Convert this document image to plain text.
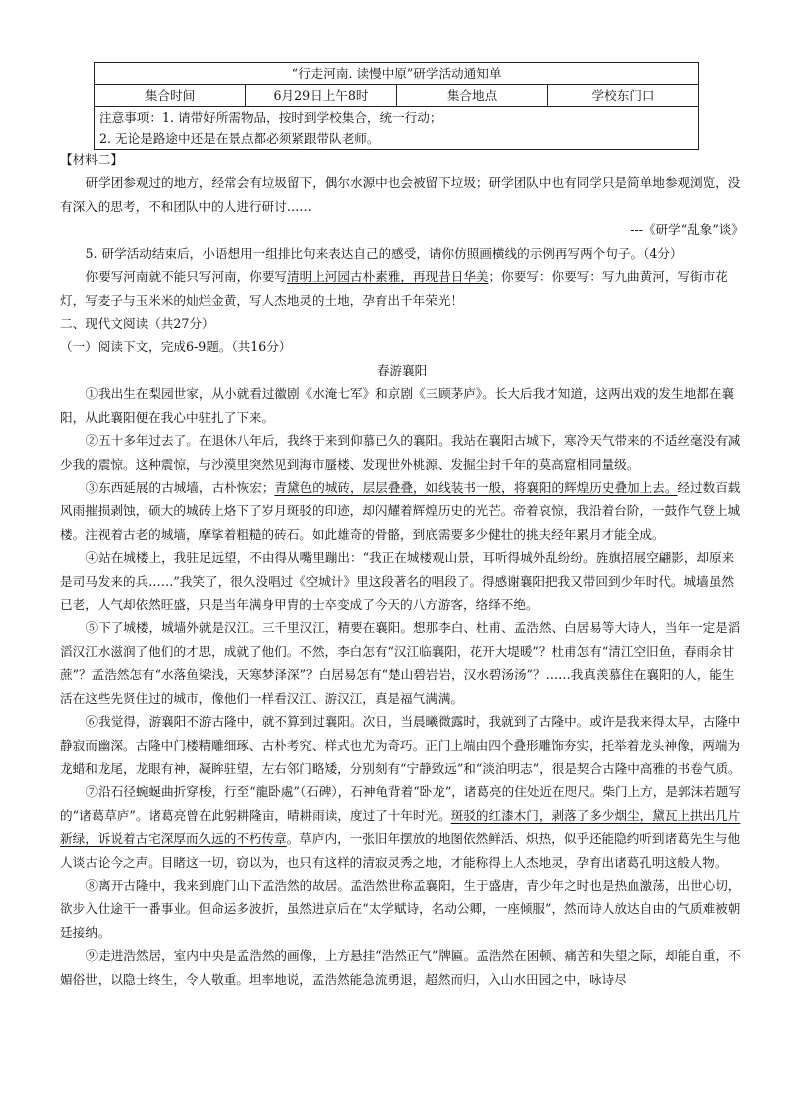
“行走河南. 读慢中原”研学活动通知单
集合时间	6月29日上午8时	集合地点	学校东门口

注意事项：1. 请带好所需物品，按时到学校集合，统一行动；
2. 无论是路途中还是在景点都必须紧跟带队老师。

【材料二】

研学团参观过的地方，经常会有垃圾留下，偶尔水源中也会被留下垃圾；研学团队中也有同学只是简单地参观浏览，没有深入的思考，不和团队中的人进行研讨……

---《研学“乱象”谈》

5. 研学活动结束后，小语想用一组排比句来表达自己的感受，请你仿照画横线的示例再写两个句子。（4分）

你要写河南就不能只写河南，你要写清明上河园古朴素雅，再现昔日华美；你要写：你要写：写九曲黄河，写街市花灯，写麦子与玉米米的灿烂金黄，写人杰地灵的土地，孕育出千年荣光！

二、现代文阅读（共27分）

（一）阅读下文，完成6-9题。（共16分）

春游襄阳

①我出生在梨园世家，从小就看过徽剧《水淹七军》和京剧《三顾茅庐》。长大后我才知道，这两出戏的发生地都在襄阳，从此襄阳便在我心中驻扎了下来。

②五十多年过去了。在退休八年后，我终于来到仰慕已久的襄阳。我站在襄阳古城下，寒冷天气带来的不适丝毫没有减少我的震惊。这种震惊，与沙漠里突然见到海市蜃楼、发现世外桃源、发掘尘封千年的莫高窟相同量级。

③东西延展的古城墙，古朴恢宏；青黛色的城砖，层层叠叠，如线装书一般，将襄阳的辉煌历史叠加上去。经过数百载风雨摧损剥蚀，硕大的城砖上烙下了岁月斑驳的印迹，却闪耀着辉煌历史的光芒。帝着哀惊，我沿着台阶，一鼓作气登上城楼。注视着古老的城墙，摩挲着粗糙的砖石。如此雄奇的骨骼，到底需要多少健壮的挑夫经年累月才能全成。

④站在城楼上，我驻足远望，不由得从嘴里蹦出：“我正在城楼观山景，耳听得城外乱纷纷。旌旗招展空翩影，却原来是司马发来的兵……”我笑了，很久没唱过《空城计》里这段著名的唱段了。得感谢襄阳把我又带回到少年时代。城墙虽然已老，人气却依然旺盛，只是当年满身甲胄的士卒变成了今天的八方游客，络绎不绝。

⑤下了城楼，城墙外就是汉江。三千里汉江，精要在襄阳。想那李白、杜甫、孟浩然、白居易等大诗人，当年一定是滔滔汉江水滋润了他们的才思，成就了他们。不然，李白怎有“汉江临襄阳，花开大堤暖”？杜甫怎有“清江空旧鱼，春雨余甘蔗”？孟浩然怎有“水落鱼梁浅，天寒梦泽深”？白居易怎有“楚山碧岩岩，汉水碧汤汤”？……我真羡慕住在襄阳的人，能生活在这些先贤住过的城市，像他们一样看汉江、游汉江，真是福气满满。

⑥我觉得，游襄阳不游古隆中，就不算到过襄阳。次日，当晨曦微露时，我就到了古隆中。或许是我来得太早，古隆中静寂而幽深。古隆中门楼精雕细琢、古朴考究、样式也尤为奇巧。正门上端由四个叠形雕饰夯实，托举着龙头神像，两端为龙蜡和龙尾，龙眼有神，凝眸驻望，左右邻门略矮，分别刻有“宁静致远”和“淡泊明志”，很是契合古隆中高雅的书卷气质。

⑦沿石径蜿蜒曲折穿梭，行至“龍卧處”（石碑），石神龟背着“卧龙”，诸葛亮的住处近在咫尺。柴门上方，是郭沫若题写的“诸葛草庐”。诸葛亮曾在此躬耕隆亩，晴耕雨读，度过了十年时光。斑驳的红漆木门，剥落了多少烟尘，黛瓦上拱出几片新绿，诉说着古宅深厚而久远的不朽传章。草庐内，一张旧年摆放的地图依然鲜活、炽热，似乎还能隐约听到诸葛先生与他人谈古论今之声。目睹这一切，窃以为，也只有这样的清寂灵秀之地，才能称得上人杰地灵，孕育出诸葛孔明这般人物。

⑧离开古隆中，我来到鹿门山下孟浩然的故居。孟浩然世称孟襄阳，生于盛唐，青少年之时也是热血激荡，出世心切，欲步入仕途干一番事业。但命运多波折，虽然进京后在“太学赋诗，名动公卿，一座倾服”，然而诗人放达自由的气质难被朝廷接纳。

⑨走进浩然居，室内中央是孟浩然的画像，上方悬挂“浩然正气”牌匾。孟浩然在困顿、痛苦和失望之际，却能自重，不媚俗世，以隐士终生，令人敬重。坦率地说，孟浩然能急流勇退，超然而归，入山水田园之中，咏诗尽
